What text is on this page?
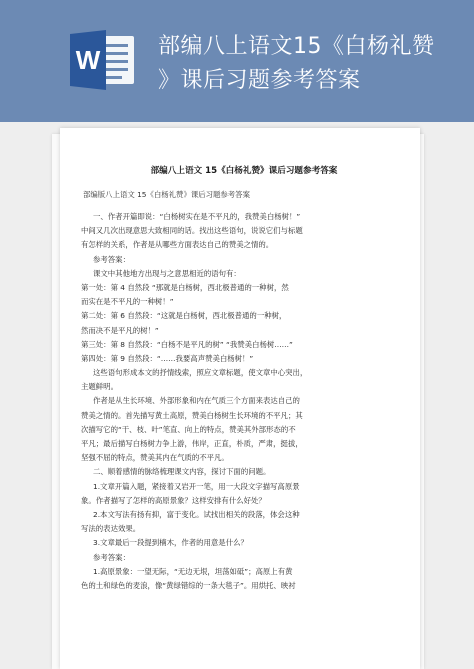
W	部编八上语文15《白杨礼赞
》课后习题参考答案
部编八上语文 15《白杨礼赞》课后习题参考答案
部编版八上语文 15《白杨礼赞》课后习题参考答案
一、作者开篇即说：“白杨树实在是不平凡的，我赞美白杨树！”
中间又几次出现意思大致相同的话。找出这些语句，说说它们与标题
有怎样的关系，作者是从哪些方面表达自己的赞美之情的。
参考答案：
课文中其他地方出现与之意思相近的语句有：
第一处：第 4 自然段 “那就是白杨树，西北极普通的一种树，然
而实在是不平凡的一种树！”
第二处：第 6 自然段：“这就是白杨树，西北极普通的一种树，
然而决不是平凡的树！”
第三处：第 8 自然段：“白杨不是平凡的树” “我赞美白杨树……”
第四处：第 9 自然段：“……我要高声赞美白杨树！”
这些语句形成本文的抒情线索，照应文章标题，使文章中心突出，
主题鲜明。
作者是从生长环境、外部形象和内在气质三个方面来表达自己的
赞美之情的。首先描写黄土高原，赞美白杨树生长环境的不平凡；其
次描写它的“干、枝、叶”笔直、向上的特点，赞美其外部形态的不
平凡；最后描写白杨树力争上游，伟岸，正直，朴质，严肃，挺拔，
坚强不屈的特点，赞美其内在气质的不平凡。
二、顺着感情的脉络梳理课文内容，探讨下面的问题。
1.文章开篇入题，紧接着又岩开一笔，用一大段文字描写高原景
象。作者描写了怎样的高原景象？这样安排有什么好处？
2.本文写法有扬有抑，富于变化。试找出相关的段落，体会这种
写法的表达效果。
3.文章最后一段提到楠木，作者的用意是什么？
参考答案：
1.高原景象：一望无际，“无边无垠，坦荡如砥”；高原上有黄
色的土和绿色的麦浪，像“黄绿错综的一条大毯子”。用烘托、映衬
